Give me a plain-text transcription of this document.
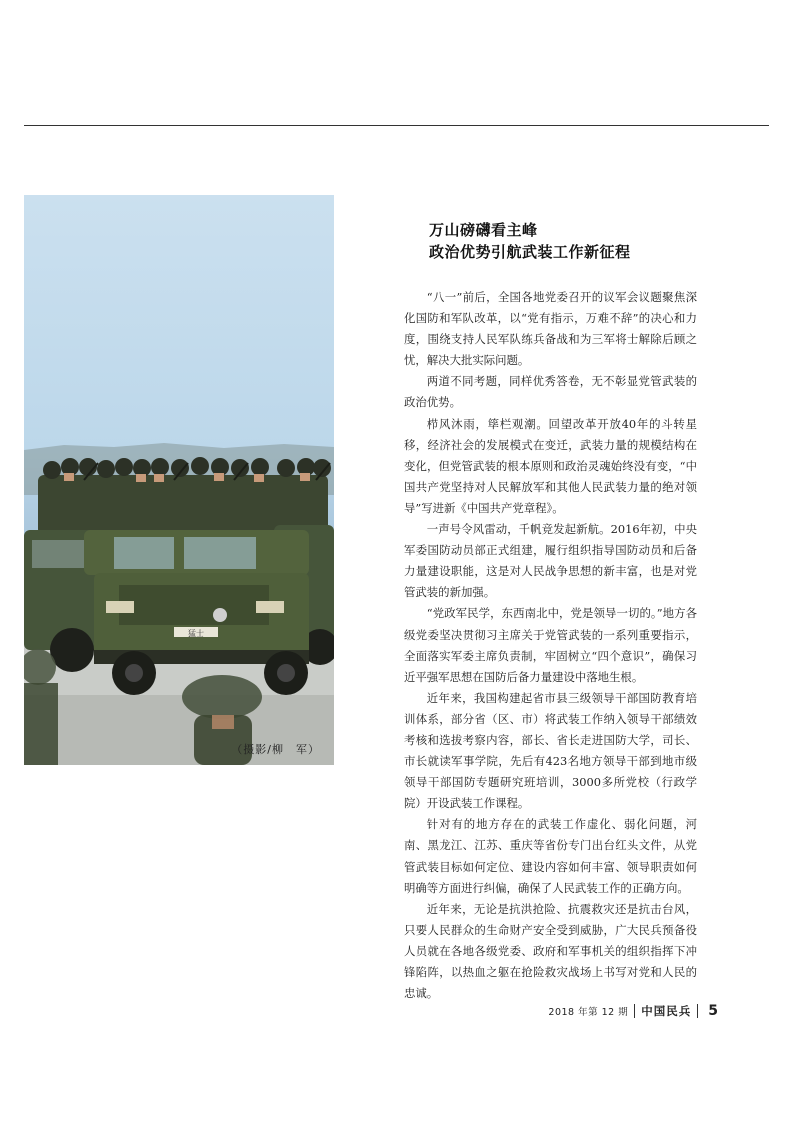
猛士
（摄影/柳　军）
万山磅礴看主峰
政治优势引航武装工作新征程

“八一”前后，全国各地党委召开的议军会议题聚焦深化国防和军队改革，以“党有指示，万难不辞”的决心和力度，围绕支持人民军队练兵备战和为三军将士解除后顾之忧，解决大批实际问题。

两道不同考题，同样优秀答卷，无不彰显党管武装的政治优势。

栉风沐雨，筚栏观潮。回望改革开放40年的斗转星移，经济社会的发展模式在变迁，武装力量的规模结构在变化，但党管武装的根本原则和政治灵魂始终没有变，“中国共产党坚持对人民解放军和其他人民武装力量的绝对领导”写进新《中国共产党章程》。

一声号令风雷动，千帆竞发起新航。2016年初，中央军委国防动员部正式组建，履行组织指导国防动员和后备力量建设职能，这是对人民战争思想的新丰富，也是对党管武装的新加强。

“党政军民学，东西南北中，党是领导一切的。”地方各级党委坚决贯彻习主席关于党管武装的一系列重要指示，全面落实军委主席负责制，牢固树立“四个意识”，确保习近平强军思想在国防后备力量建设中落地生根。

近年来，我国构建起省市县三级领导干部国防教育培训体系，部分省（区、市）将武装工作纳入领导干部绩效考核和选拔考察内容，部长、省长走进国防大学，司长、市长就读军事学院，先后有423名地方领导干部到地市级领导干部国防专题研究班培训，3000多所党校（行政学院）开设武装工作课程。

针对有的地方存在的武装工作虚化、弱化问题，河南、黑龙江、江苏、重庆等省份专门出台红头文件，从党管武装目标如何定位、建设内容如何丰富、领导职责如何明确等方面进行纠偏，确保了人民武装工作的正确方向。

近年来，无论是抗洪抢险、抗震救灾还是抗击台风，只要人民群众的生命财产安全受到威胁，广大民兵预备役人员就在各地各级党委、政府和军事机关的组织指挥下冲锋陷阵，以热血之躯在抢险救灾战场上书写对党和人民的忠诚。

2018 年第 12 期 中国民兵 5
